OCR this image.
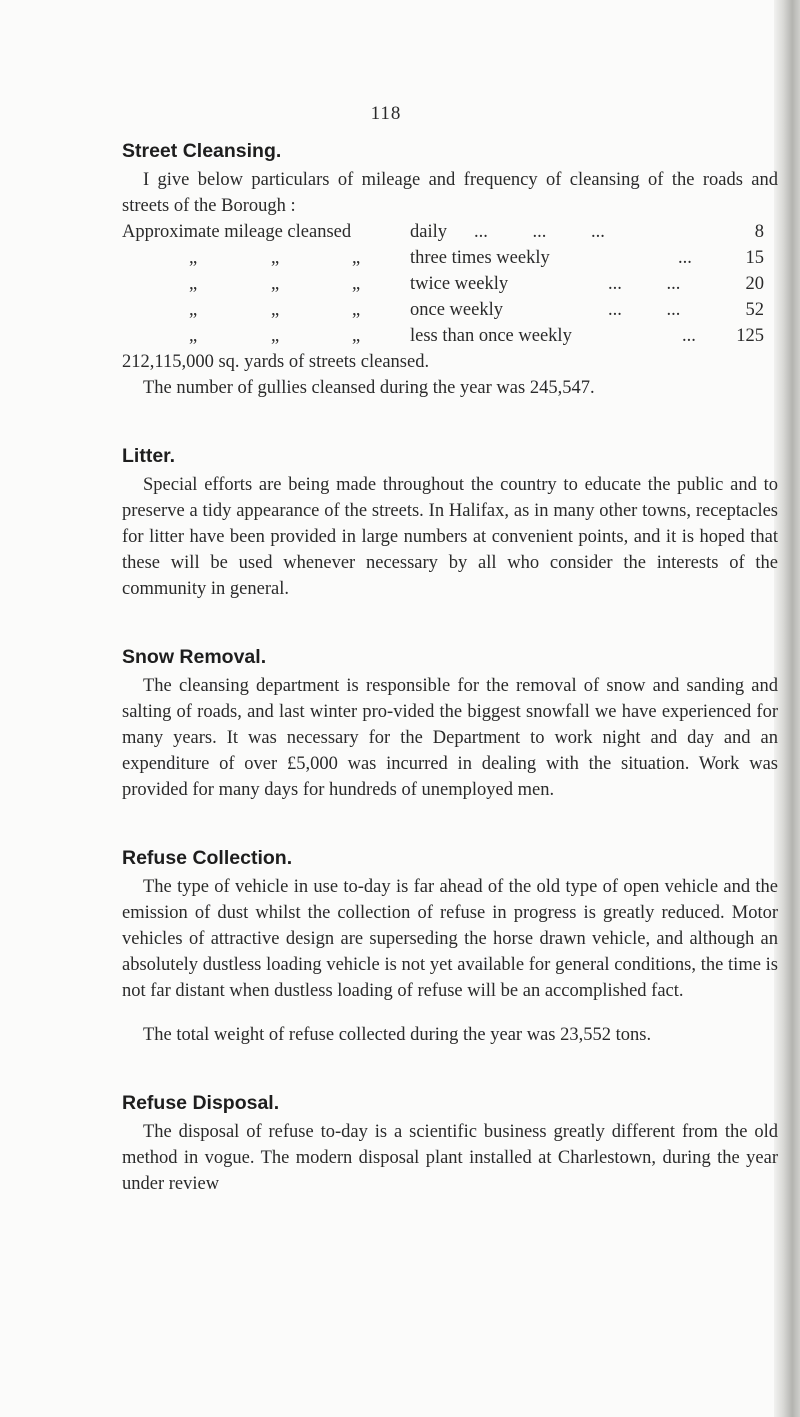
118
Street Cleansing.

I give below particulars of mileage and frequency of cleansing of the roads and streets of the Borough :

Approximate mileage cleansed	daily ... ... ...	8
„	„	„	three times weekly	...	15
„	„	„	twice weekly	... ...	20
„	„	„	once weekly	... ...	52
„	„	„	less than once weekly	... 125

212,115,000 sq. yards of streets cleansed.

The number of gullies cleansed during the year was 245,547.

Litter.

Special efforts are being made throughout the country to educate the public and to preserve a tidy appearance of the streets. In Halifax, as in many other towns, receptacles for litter have been provided in large numbers at convenient points, and it is hoped that these will be used whenever necessary by all who consider the interests of the community in general.

Snow Removal.

The cleansing department is responsible for the removal of snow and sanding and salting of roads, and last winter pro-vided the biggest snowfall we have experienced for many years. It was necessary for the Department to work night and day and an expenditure of over £5,000 was incurred in dealing with the situation. Work was provided for many days for hundreds of unemployed men.

Refuse Collection.

The type of vehicle in use to-day is far ahead of the old type of open vehicle and the emission of dust whilst the collection of refuse in progress is greatly reduced. Motor vehicles of attractive design are superseding the horse drawn vehicle, and although an absolutely dustless loading vehicle is not yet available for general conditions, the time is not far distant when dustless loading of refuse will be an accomplished fact.

The total weight of refuse collected during the year was 23,552 tons.

Refuse Disposal.

The disposal of refuse to-day is a scientific business greatly different from the old method in vogue. The modern disposal plant installed at Charlestown, during the year under review
